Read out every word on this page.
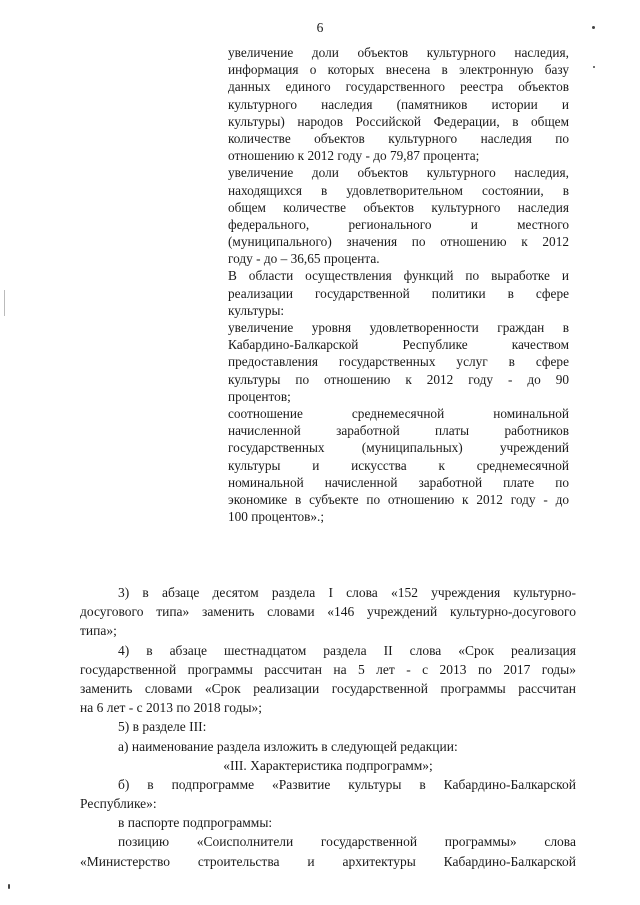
6
увеличение доли объектов культурного наследия,
информация о которых внесена в электронную базу
данных единого государственного реестра объектов
культурного наследия (памятников истории и
культуры) народов Российской Федерации, в общем
количестве объектов культурного наследия по
отношению к 2012 году - до 79,87 процента;
увеличение доли объектов культурного наследия,
находящихся в удовлетворительном состоянии, в
общем количестве объектов культурного наследия
федерального, регионального и местного
(муниципального) значения по отношению к 2012
году - до – 36,65 процента.
В области осуществления функций по выработке и
реализации государственной политики в сфере
культуры:
увеличение уровня удовлетворенности граждан в
Кабардино-Балкарской Республике качеством
предоставления государственных услуг в сфере
культуры по отношению к 2012 году - до 90
процентов;
соотношение среднемесячной номинальной
начисленной заработной платы работников
государственных (муниципальных) учреждений
культуры и искусства к среднемесячной
номинальной начисленной заработной плате по
экономике в субъекте по отношению к 2012 году - до
100 процентов».;
3) в абзаце десятом раздела I слова «152 учреждения культурно-
досугового типа» заменить словами «146 учреждений культурно-досугового
типа»;
4) в абзаце шестнадцатом раздела II слова «Срок реализация
государственной программы рассчитан на 5 лет - с 2013 по 2017 годы»
заменить словами «Срок реализации государственной программы рассчитан
на 6 лет - с 2013 по 2018 годы»;
5) в разделе III:
а) наименование раздела изложить в следующей редакции:
«III. Характеристика подпрограмм»;
б) в подпрограмме «Развитие культуры в Кабардино-Балкарской
Республике»:
в паспорте подпрограммы:
позицию «Соисполнители государственной программы» слова
«Министерство строительства и архитектуры Кабардино-Балкарской
